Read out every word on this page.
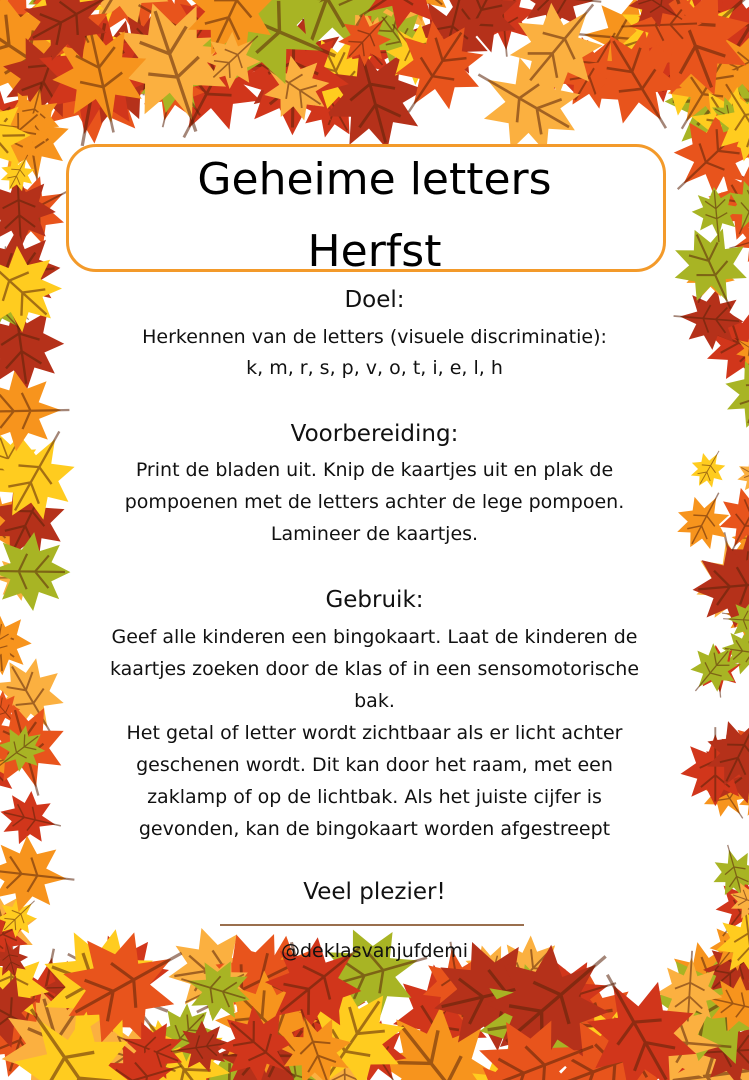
Geheime letters
Herfst
Doel:
Herkennen van de letters (visuele discriminatie):
k, m, r, s, p, v, o, t, i, e, l, h
Voorbereiding:
Print de bladen uit. Knip de kaartjes uit en plak de
pompoenen met de letters achter de lege pompoen.
Lamineer de kaartjes.
Gebruik:
Geef alle kinderen een bingokaart. Laat de kinderen de
kaartjes zoeken door de klas of in een sensomotorische
bak.
Het getal of letter wordt zichtbaar als er licht achter
geschenen wordt. Dit kan door het raam, met een
zaklamp of op de lichtbak. Als het juiste cijfer is
gevonden, kan de bingokaart worden afgestreept
Veel plezier!
@deklasvanjufdemi
